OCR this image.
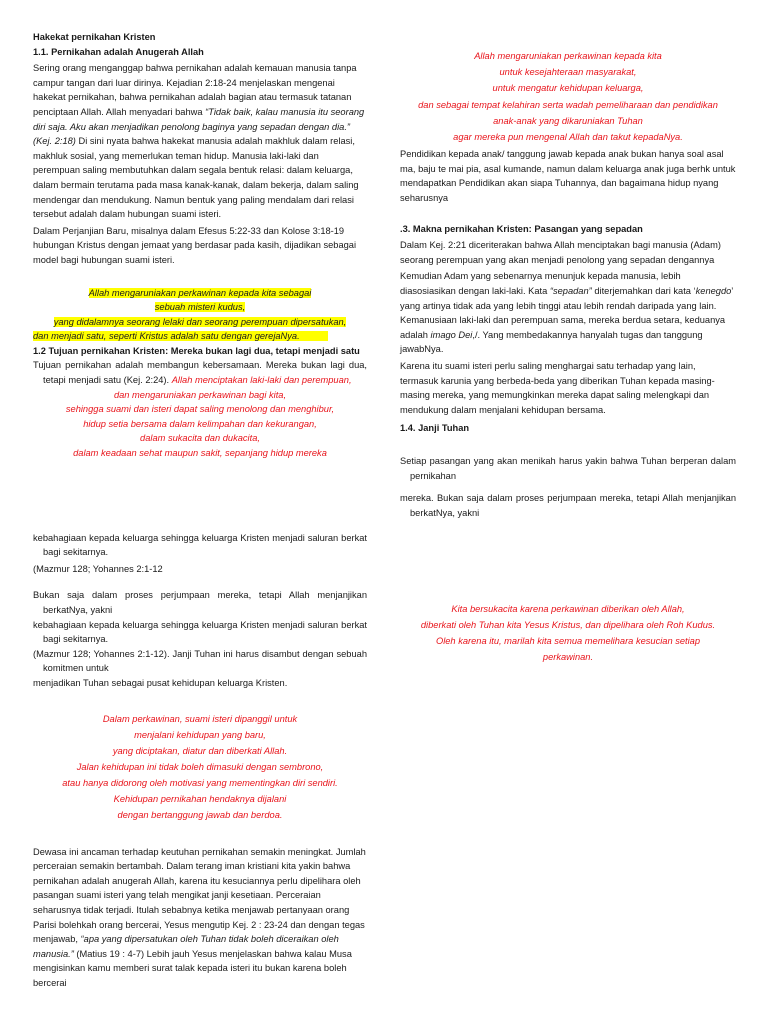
Hakekat pernikahan Kristen

1.1. Pernikahan adalah Anugerah Allah

Sering orang menganggap bahwa pernikahan adalah kemauan manusia tanpa campur tangan dari luar dirinya. Kejadian 2:18-24 menjelaskan mengenai hakekat pernikahan, bahwa pernikahan adalah bagian atau termasuk tatanan penciptaan Allah. Allah menyadari bahwa “Tidak baik, kalau manusia itu seorang diri saja. Aku akan menjadikan penolong baginya yang sepadan dengan dia.” (Kej. 2:18) Di sini nyata bahwa hakekat manusia adalah makhluk dalam relasi, makhluk sosial, yang memerlukan teman hidup. Manusia laki-laki dan perempuan saling membutuhkan dalam segala bentuk relasi: dalam keluarga, dalam bermain terutama pada masa kanak-kanak, dalam bekerja, dalam saling mendengar dan mendukung. Namun bentuk yang paling mendalam dari relasi tersebut adalah dalam hubungan suami isteri.

Dalam Perjanjian Baru, misalnya dalam Efesus 5:22-33 dan Kolose 3:18-19 hubungan Kristus dengan jemaat yang berdasar pada kasih, dijadikan sebagai model bagi hubungan suami isteri.

Allah mengaruniakan perkawinan kepada kita sebagai
sebuah misteri kudus,
yang didalamnya seorang lelaki dan seorang perempuan dipersatukan,
dan menjadi satu, seperti Kristus adalah satu dengan gerejaNya.

1.2 Tujuan pernikahan Kristen: Mereka bukan lagi dua, tetapi menjadi satu

Tujuan pernikahan adalah membangun kebersamaan. Mereka bukan lagi dua, tetapi menjadi satu (Kej. 2:24). Allah menciptakan laki-laki dan perempuan,

dan mengaruniakan perkawinan bagi kita,
sehingga suami dan isteri dapat saling menolong dan menghibur,
hidup setia bersama dalam kelimpahan dan kekurangan,
dalam sukacita dan dukacita,
dalam keadaan sehat maupun sakit, sepanjang hidup mereka

kebahagiaan kepada keluarga sehingga keluarga Kristen menjadi saluran berkat bagi sekitarnya.

(Mazmur 128; Yohannes 2:1-12

Bukan saja dalam proses perjumpaan mereka, tetapi Allah menjanjikan berkatNya, yakni

kebahagiaan kepada keluarga sehingga keluarga Kristen menjadi saluran berkat bagi sekitarnya.

(Mazmur 128; Yohannes 2:1-12). Janji Tuhan ini harus disambut dengan sebuah komitmen untuk

menjadikan Tuhan sebagai pusat kehidupan keluarga Kristen.

Dalam perkawinan, suami isteri dipanggil untuk
menjalani kehidupan yang baru,
yang diciptakan, diatur dan diberkati Allah.
Jalan kehidupan ini tidak boleh dimasuki dengan sembrono,
atau hanya didorong oleh motivasi yang mementingkan diri sendiri.
Kehidupan pernikahan hendaknya dijalani
dengan bertanggung jawab dan berdoa.

Dewasa ini ancaman terhadap keutuhan pernikahan semakin meningkat. Jumlah perceraian semakin bertambah. Dalam terang iman kristiani kita yakin bahwa pernikahan adalah anugerah Allah, karena itu kesuciannya perlu dipelihara oleh pasangan suami isteri yang telah mengikat janji kesetiaan. Perceraian seharusnya tidak terjadi. Itulah sebabnya ketika menjawab pertanyaan orang Parisi bolehkah orang bercerai, Yesus mengutip Kej. 2 : 23-24 dan dengan tegas menjawab, “apa yang dipersatukan oleh Tuhan tidak boleh diceraikan oleh manusia.” (Matius 19 : 4-7) Lebih jauh Yesus menjelaskan bahwa kalau Musa mengisinkan kamu memberi surat talak kepada isteri itu bukan karena boleh bercerai

Allah mengaruniakan perkawinan kepada kita
untuk kesejahteraan masyarakat,
untuk mengatur kehidupan keluarga,
dan sebagai tempat kelahiran serta wadah pemeliharaan dan pendidikan
anak-anak yang dikaruniakan Tuhan
agar mereka pun mengenal Allah dan takut kepadaNya.

Pendidikan kepada anak/ tanggung jawab kepada anak bukan hanya soal asal ma, baju te mai pia, asal kumande, namun dalam keluarga anak juga berhk untuk mendapatkan Pendidikan akan siapa Tuhannya, dan bagaimana hidup nyang seharusnya

.3. Makna pernikahan Kristen: Pasangan yang sepadan

Dalam Kej. 2:21 diceriterakan bahwa Allah menciptakan bagi manusia (Adam) seorang perempuan yang akan menjadi penolong yang sepadan dengannya

Kemudian Adam yang sebenarnya menunjuk kepada manusia, lebih diasosiasikan dengan laki-laki. Kata “sepadan” diterjemahkan dari kata ‘kenegdo’ yang artinya tidak ada yang lebih tinggi atau lebih rendah daripada yang lain. Kemanusiaan laki-laki dan perempuan sama, mereka berdua setara, keduanya adalah imago Dei,/. Yang membedakannya hanyalah tugas dan tanggung jawabNya.

Karena itu suami isteri perlu saling menghargai satu terhadap yang lain, termasuk karunia yang berbeda-beda yang diberikan Tuhan kepada masing-masing mereka, yang memungkinkan mereka dapat saling melengkapi dan mendukung dalam menjalani kehidupan bersama.

1.4. Janji Tuhan

Setiap pasangan yang akan menikah harus yakin bahwa Tuhan berperan dalam pernikahan

mereka. Bukan saja dalam proses perjumpaan mereka, tetapi Allah menjanjikan berkatNya, yakni

Kita bersukacita karena perkawinan diberikan oleh Allah,
diberkati oleh Tuhan kita Yesus Kristus, dan dipelihara oleh Roh Kudus.
Oleh karena itu, marilah kita semua memelihara kesucian setiap
perkawinan.
